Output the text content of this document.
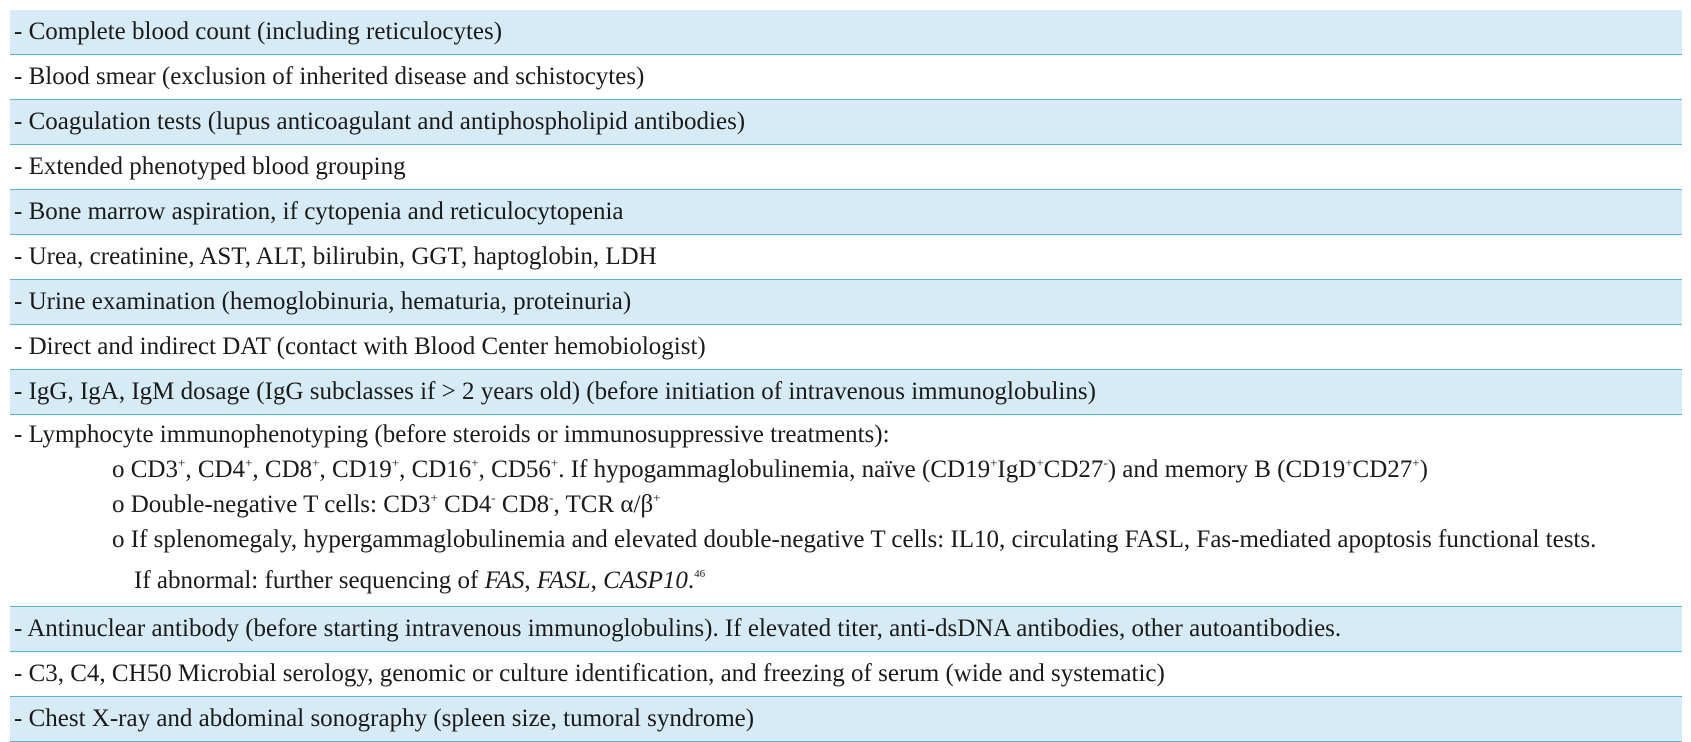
- Complete blood count (including reticulocytes)
- Blood smear (exclusion of inherited disease and schistocytes)
- Coagulation tests (lupus anticoagulant and antiphospholipid antibodies)
- Extended phenotyped blood grouping
- Bone marrow aspiration, if cytopenia and reticulocytopenia
- Urea, creatinine, AST, ALT, bilirubin, GGT, haptoglobin, LDH
- Urine examination (hemoglobinuria, hematuria, proteinuria)
- Direct and indirect DAT (contact with Blood Center hemobiologist)
- IgG, IgA, IgM dosage (IgG subclasses if > 2 years old) (before initiation of intravenous immunoglobulins)
- Lymphocyte immunophenotyping (before steroids or immunosuppressive treatments):
o CD3+, CD4+, CD8+, CD19+, CD16+, CD56+. If hypogammaglobulinemia, naïve (CD19+IgD+CD27-) and memory B (CD19+CD27+)
o Double-negative T cells: CD3+ CD4- CD8-, TCR α/β+
o If splenomegaly, hypergammaglobulinemia and elevated double-negative T cells: IL10, circulating FASL, Fas-mediated apoptosis functional tests.
If abnormal: further sequencing of FAS, FASL, CASP10.46
- Antinuclear antibody (before starting intravenous immunoglobulins). If elevated titer, anti-dsDNA antibodies, other autoantibodies.
- C3, C4, CH50 Microbial serology, genomic or culture identification, and freezing of serum (wide and systematic)
- Chest X-ray and abdominal sonography (spleen size, tumoral syndrome)
